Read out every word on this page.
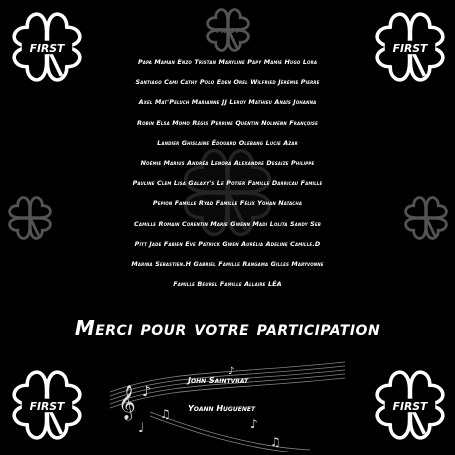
FIRST	FIRST
FIRST	FIRST
FIRST
Papa Maman Enzo Tristan Maryline Papy Mamie Hugo Lora
Santiago Cami Cathy Polo Eden Orel Wilfried Jérémie Pierre
Axel Mat'Peluch Marianne JJ Leroy Mathieu Anaïs Johanna
Robin Elsa Momo Régis Perrine Quentin Nolwenn Françoise
Landier Ghislaine Édouard Olebang Lucie Azar
Noémie Marius Andréa Lenora Alexandre Desaize Philippe
Pauline Clem Lisa Galaxy's Le Potier Famille Darricau Famille
Pepion Famille Ryad Famille Félix Yohan Natacha
Camille Romain Corentin Marie Gwenn Madi Lolita Sandy Seb
Pitt Jade Fabien Eve Patrick Gwen Aurélia Adeline Camille.D
Marina Sebastien.H Gabriel Famille Rangama Gilles Maryvonne
Famille Beurel Famille Allaire LÉA
Merci pour votre participation
𝄞 ♪
♫
♩	♪
♫
♪
John Saintvrat
Yoann Huguenet
